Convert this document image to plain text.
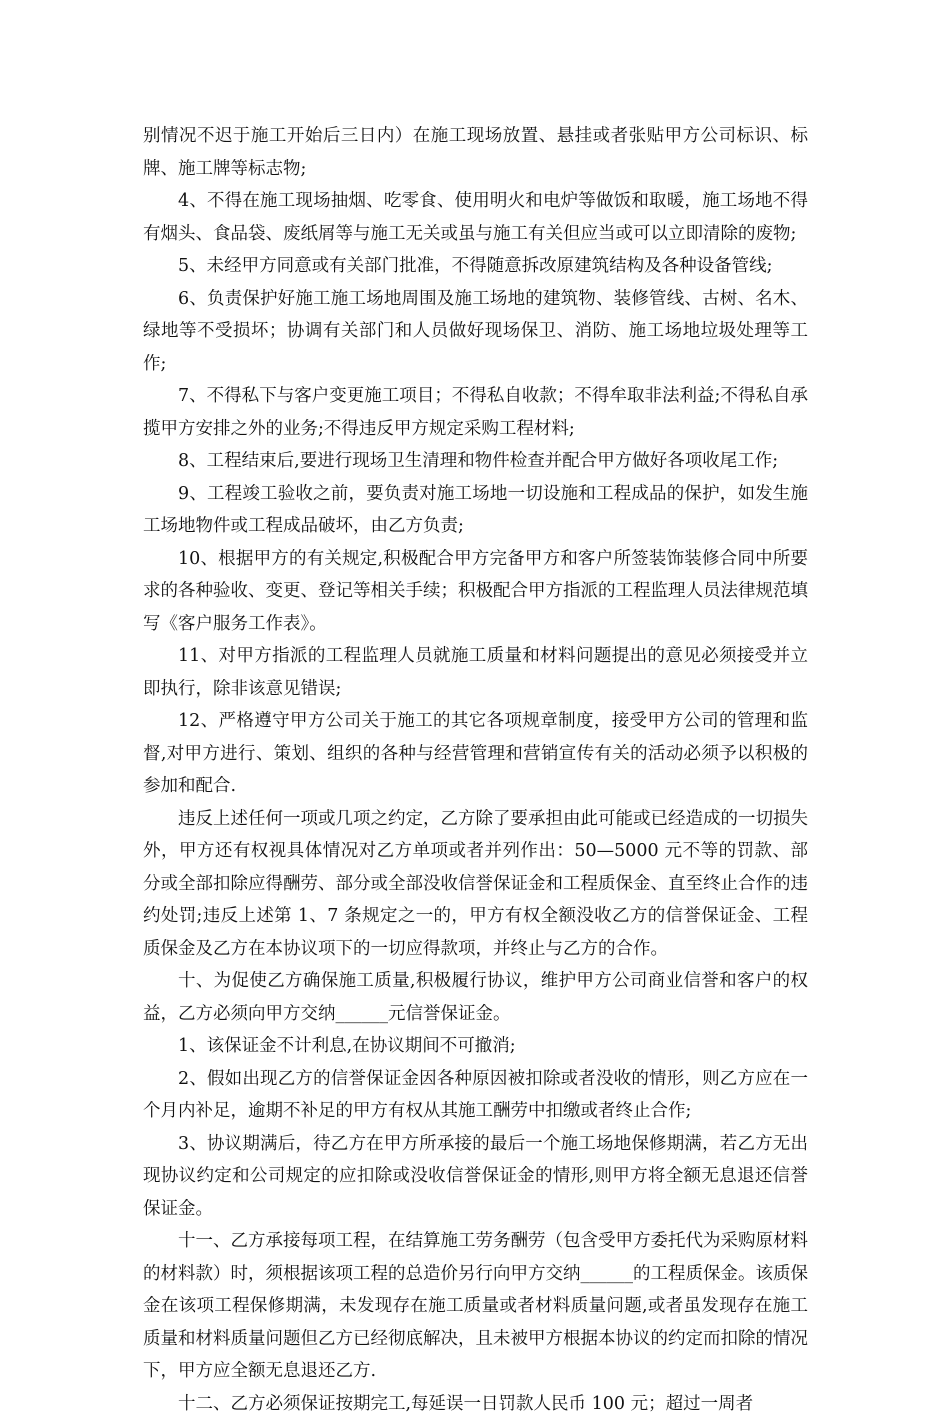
别情况不迟于施工开始后三日内）在施工现场放置、悬挂或者张贴甲方公司标识、标牌、施工牌等标志物;

4、不得在施工现场抽烟、吃零食、使用明火和电炉等做饭和取暖，施工场地不得有烟头、食品袋、废纸屑等与施工无关或虽与施工有关但应当或可以立即清除的废物;

5、未经甲方同意或有关部门批准，不得随意拆改原建筑结构及各种设备管线;

6、负责保护好施工施工场地周围及施工场地的建筑物、装修管线、古树、名木、绿地等不受损坏；协调有关部门和人员做好现场保卫、消防、施工场地垃圾处理等工作;

7、不得私下与客户变更施工项目；不得私自收款；不得牟取非法利益;不得私自承揽甲方安排之外的业务;不得违反甲方规定采购工程材料;

8、工程结束后,要进行现场卫生清理和物件检查并配合甲方做好各项收尾工作;

9、工程竣工验收之前，要负责对施工场地一切设施和工程成品的保护，如发生施工场地物件或工程成品破坏，由乙方负责;

10、根据甲方的有关规定,积极配合甲方完备甲方和客户所签装饰装修合同中所要求的各种验收、变更、登记等相关手续；积极配合甲方指派的工程监理人员法律规范填写《客户服务工作表》。

11、对甲方指派的工程监理人员就施工质量和材料问题提出的意见必须接受并立即执行，除非该意见错误;

12、严格遵守甲方公司关于施工的其它各项规章制度，接受甲方公司的管理和监督,对甲方进行、策划、组织的各种与经营管理和营销宣传有关的活动必须予以积极的参加和配合.

违反上述任何一项或几项之约定，乙方除了要承担由此可能或已经造成的一切损失外，甲方还有权视具体情况对乙方单项或者并列作出：50—5000 元不等的罚款、部分或全部扣除应得酬劳、部分或全部没收信誉保证金和工程质保金、直至终止合作的违约处罚;违反上述第 1、7 条规定之一的，甲方有权全额没收乙方的信誉保证金、工程质保金及乙方在本协议项下的一切应得款项，并终止与乙方的合作。

十、为促使乙方确保施工质量,积极履行协议，维护甲方公司商业信誉和客户的权益，乙方必须向甲方交纳______元信誉保证金。

1、该保证金不计利息,在协议期间不可撤消;

2、假如出现乙方的信誉保证金因各种原因被扣除或者没收的情形，则乙方应在一个月内补足，逾期不补足的甲方有权从其施工酬劳中扣缴或者终止合作;

3、协议期满后，待乙方在甲方所承接的最后一个施工场地保修期满，若乙方无出现协议约定和公司规定的应扣除或没收信誉保证金的情形,则甲方将全额无息退还信誉保证金。

十一、乙方承接每项工程，在结算施工劳务酬劳（包含受甲方委托代为采购原材料的材料款）时，须根据该项工程的总造价另行向甲方交纳______的工程质保金。该质保金在该项工程保修期满，未发现存在施工质量或者材料质量问题,或者虽发现存在施工质量和材料质量问题但乙方已经彻底解决，且未被甲方根据本协议的约定而扣除的情况下，甲方应全额无息退还乙方.

十二、乙方必须保证按期完工,每延误一日罚款人民币 100 元；超过一周者
